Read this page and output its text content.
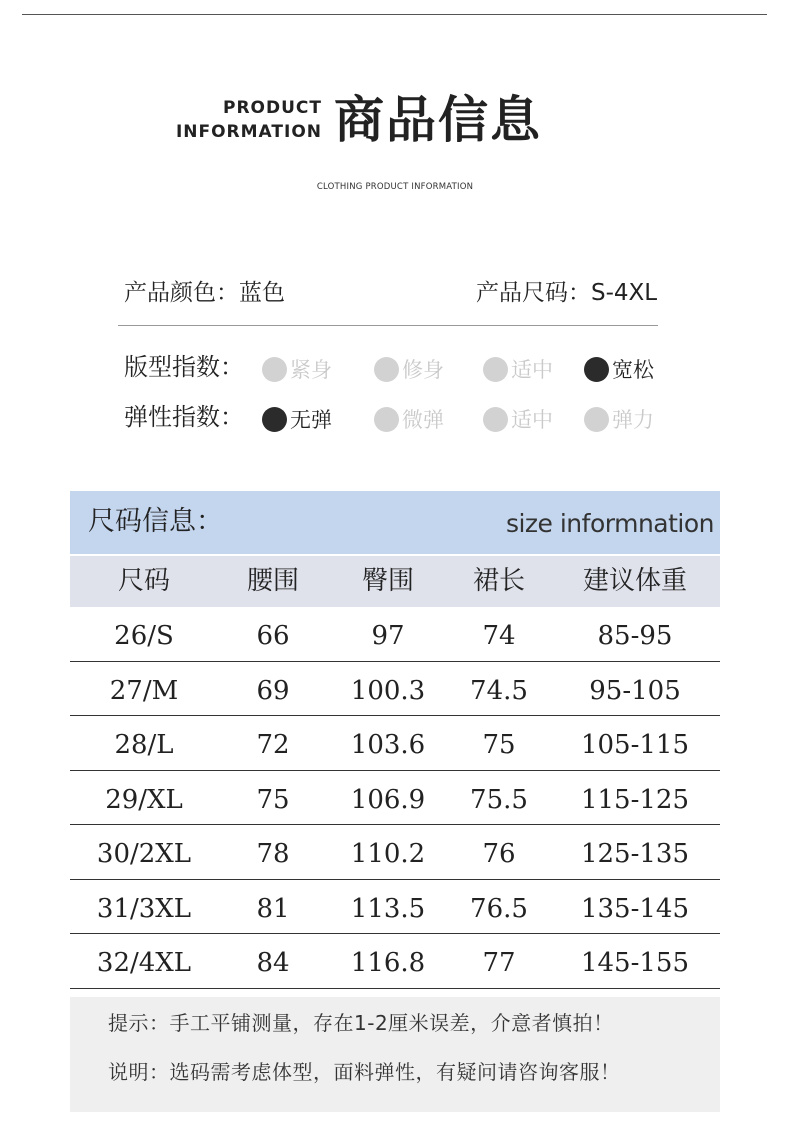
PRODUCT
INFORMATION 商品信息
CLOTHING PRODUCT INFORMATION
产品颜色：蓝色	产品尺码：S-4XL
版型指数： 紧身	修身	适中	宽松
弹性指数： 无弹	微弹	适中	弹力
尺码信息：	size informnation
尺码	腰围	臀围	裙长	建议体重
26/S	66	97	74	85-95
27/M	69	100.3	74.5	95-105
28/L	72	103.6	75	105-115
29/XL	75	106.9	75.5	115-125
30/2XL	78	110.2	76	125-135
31/3XL	81	113.5	76.5	135-145
32/4XL	84	116.8	77	145-155
提示：手工平铺测量，存在1-2厘米误差，介意者慎拍！
说明：选码需考虑体型，面料弹性，有疑问请咨询客服！
